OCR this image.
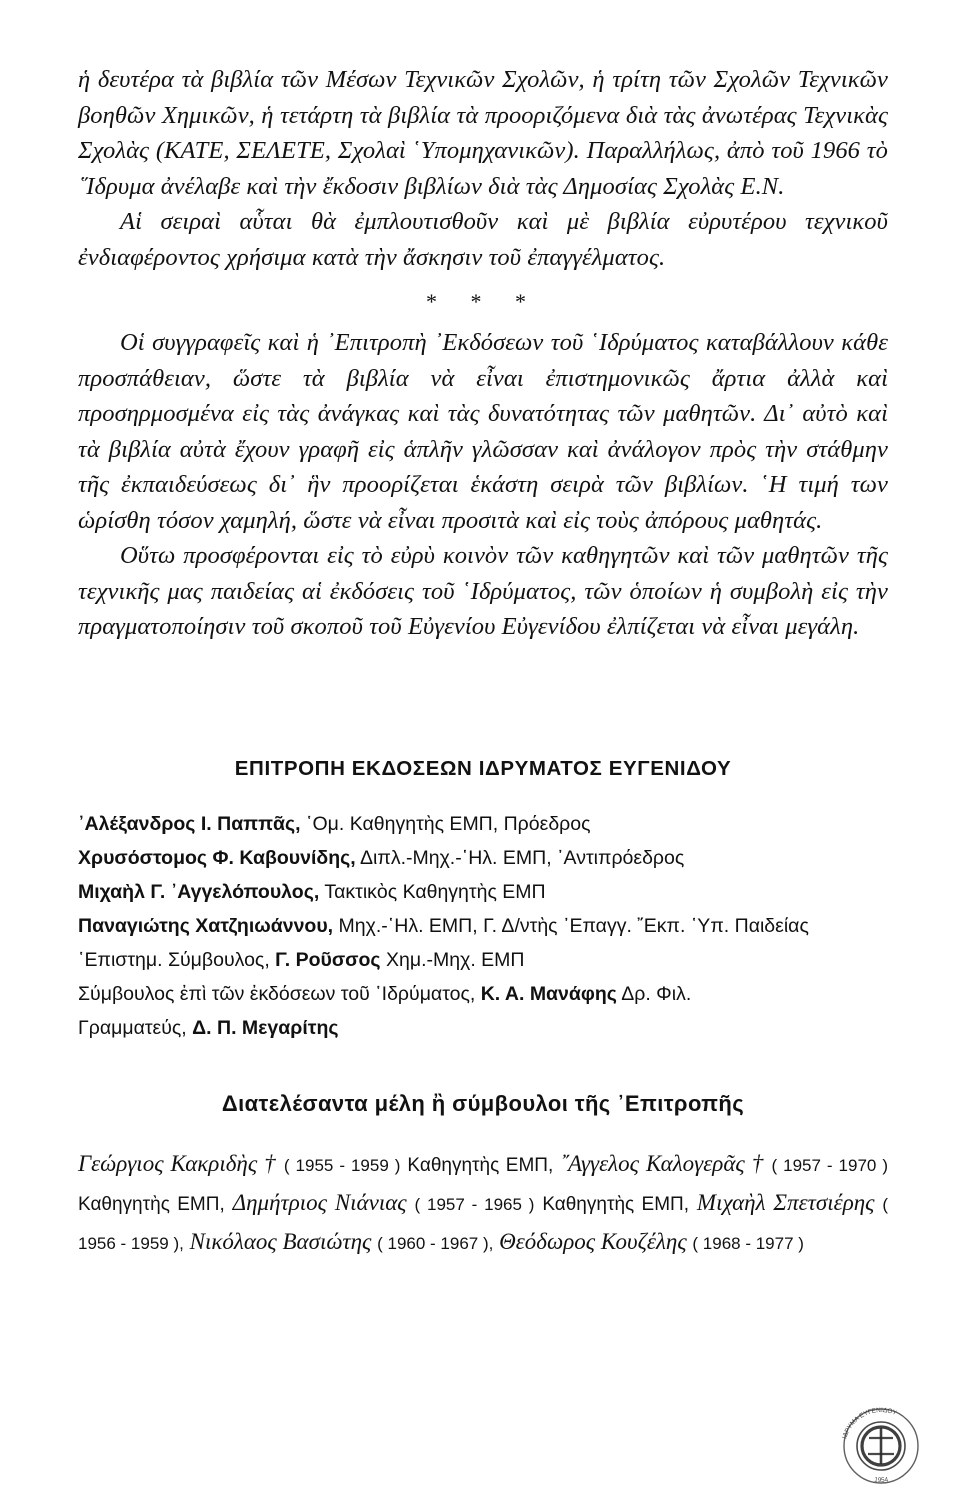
ἡ δευτέρα τὰ βιβλία τῶν Μέσων Τεχνικῶν Σχολῶν, ἡ τρίτη τῶν Σχολῶν Τεχνικῶν βοηθῶν Χημικῶν, ἡ τετάρτη τὰ βιβλία τὰ προοριζόμενα διὰ τὰς ἀνωτέρας Τεχνικὰς Σχολὰς (ΚΑΤΕ, ΣΕΛΕΤΕ, Σχολαὶ ῾Υπομηχανικῶν). Παραλλήλως, ἀπὸ τοῦ 1966 τὸ ῞Ιδρυμα ἀνέλαβε καὶ τὴν ἔκδοσιν βιβλίων διὰ τὰς Δημοσίας Σχολὰς Ε.Ν.

Αἱ σειραὶ αὗται θὰ ἐμπλουτισθοῦν καὶ μὲ βιβλία εὐρυτέρου τεχνικοῦ ἐνδιαφέροντος χρήσιμα κατὰ τὴν ἄσκησιν τοῦ ἐπαγγέλματος.

* * *

Οἱ συγγραφεῖς καὶ ἡ ᾿Επιτροπὴ ᾿Εκδόσεων τοῦ ῾Ιδρύματος καταβάλλουν κάθε προσπάθειαν, ὥστε τὰ βιβλία νὰ εἶναι ἐπιστημονικῶς ἄρτια ἀλλὰ καὶ προσηρμοσμένα εἰς τὰς ἀνάγκας καὶ τὰς δυνατότητας τῶν μαθητῶν. Δι᾿ αὐτὸ καὶ τὰ βιβλία αὐτὰ ἔχουν γραφῆ εἰς ἁπλῆν γλῶσσαν καὶ ἀνάλογον πρὸς τὴν στάθμην τῆς ἐκπαιδεύσεως δι᾿ ἣν προορίζεται ἑκάστη σειρὰ τῶν βιβλίων. ῾Η τιμή των ὡρίσθη τόσον χαμηλή, ὥστε νὰ εἶναι προσιτὰ καὶ εἰς τοὺς ἀπόρους μαθητάς.

Οὕτω προσφέρονται εἰς τὸ εὐρὺ κοινὸν τῶν καθηγητῶν καὶ τῶν μαθητῶν τῆς τεχνικῆς μας παιδείας αἱ ἐκδόσεις τοῦ ῾Ιδρύματος, τῶν ὁποίων ἡ συμβολὴ εἰς τὴν πραγματοποίησιν τοῦ σκοποῦ τοῦ Εὐγενίου Εὐγενίδου ἐλπίζεται νὰ εἶναι μεγάλη.

ΕΠΙΤΡΟΠΗ ΕΚΔΟΣΕΩΝ ΙΔΡΥΜΑΤΟΣ ΕΥΓΕΝΙΔΟΥ
᾿Αλέξανδρος Ι. Παππᾶς, ῾Ομ. Καθηγητὴς ΕΜΠ, Πρόεδρος
Χρυσόστομος Φ. Καβουνίδης, Διπλ.-Μηχ.-῾Ηλ. ΕΜΠ, ᾿Αντιπρόεδρος
Μιχαὴλ Γ. ᾿Αγγελόπουλος, Τακτικὸς Καθηγητὴς ΕΜΠ
Παναγιώτης Χατζηιωάννου, Μηχ.-῾Ηλ. ΕΜΠ, Γ. Δ/ντὴς ᾿Επαγγ. ῎Εκπ. ῾Υπ. Παιδείας
῾Επιστημ. Σύμβουλος, Γ. Ροῦσσος Χημ.-Μηχ. ΕΜΠ
Σύμβουλος ἐπὶ τῶν ἐκδόσεων τοῦ ῾Ιδρύματος, Κ. Α. Μανάφης Δρ. Φιλ.
Γραμματεύς, Δ. Π. Μεγαρίτης
Διατελέσαντα μέλη ἢ σύμβουλοι τῆς ᾿Επιτροπῆς
Γεώργιος Κακριδὴς † ( 1955 - 1959 ) Καθηγητὴς ΕΜΠ, ῎Αγγελος Καλογερᾶς † ( 1957 - 1970 ) Καθηγητὴς ΕΜΠ, Δημήτριος Νιάνιας ( 1957 - 1965 ) Καθηγητὴς ΕΜΠ, Μιχαὴλ Σπετσιέρης ( 1956 - 1959 ), Νικόλαος Βασιώτης ( 1960 - 1967 ), Θεόδωρος Κουζέλης ( 1968 - 1977 )
ΙΔΡΥΜΑ ΕΥΓΕΝΙΔΟΥ
1954
